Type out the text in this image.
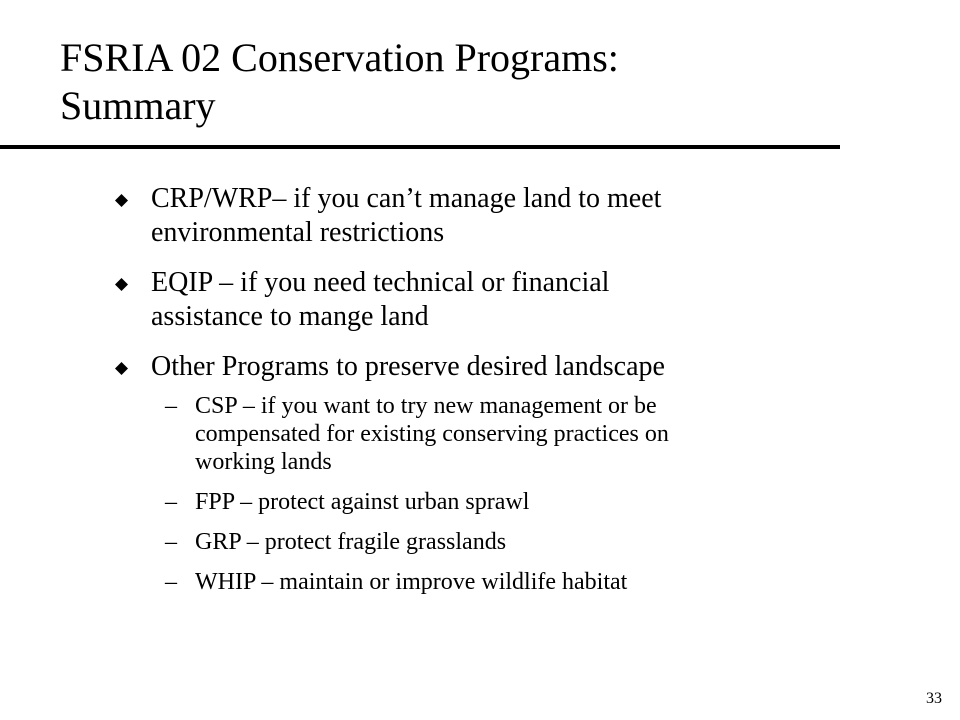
FSRIA 02 Conservation Programs:
Summary
CRP/WRP– if you can’t manage land to meet
environmental restrictions
EQIP – if you need technical or financial
assistance to mange land
Other Programs to preserve desired landscape
– CSP – if you want to try new management or be
compensated for existing conserving practices on
working lands
– FPP – protect against urban sprawl
– GRP – protect fragile grasslands
– WHIP – maintain or improve wildlife habitat
33
